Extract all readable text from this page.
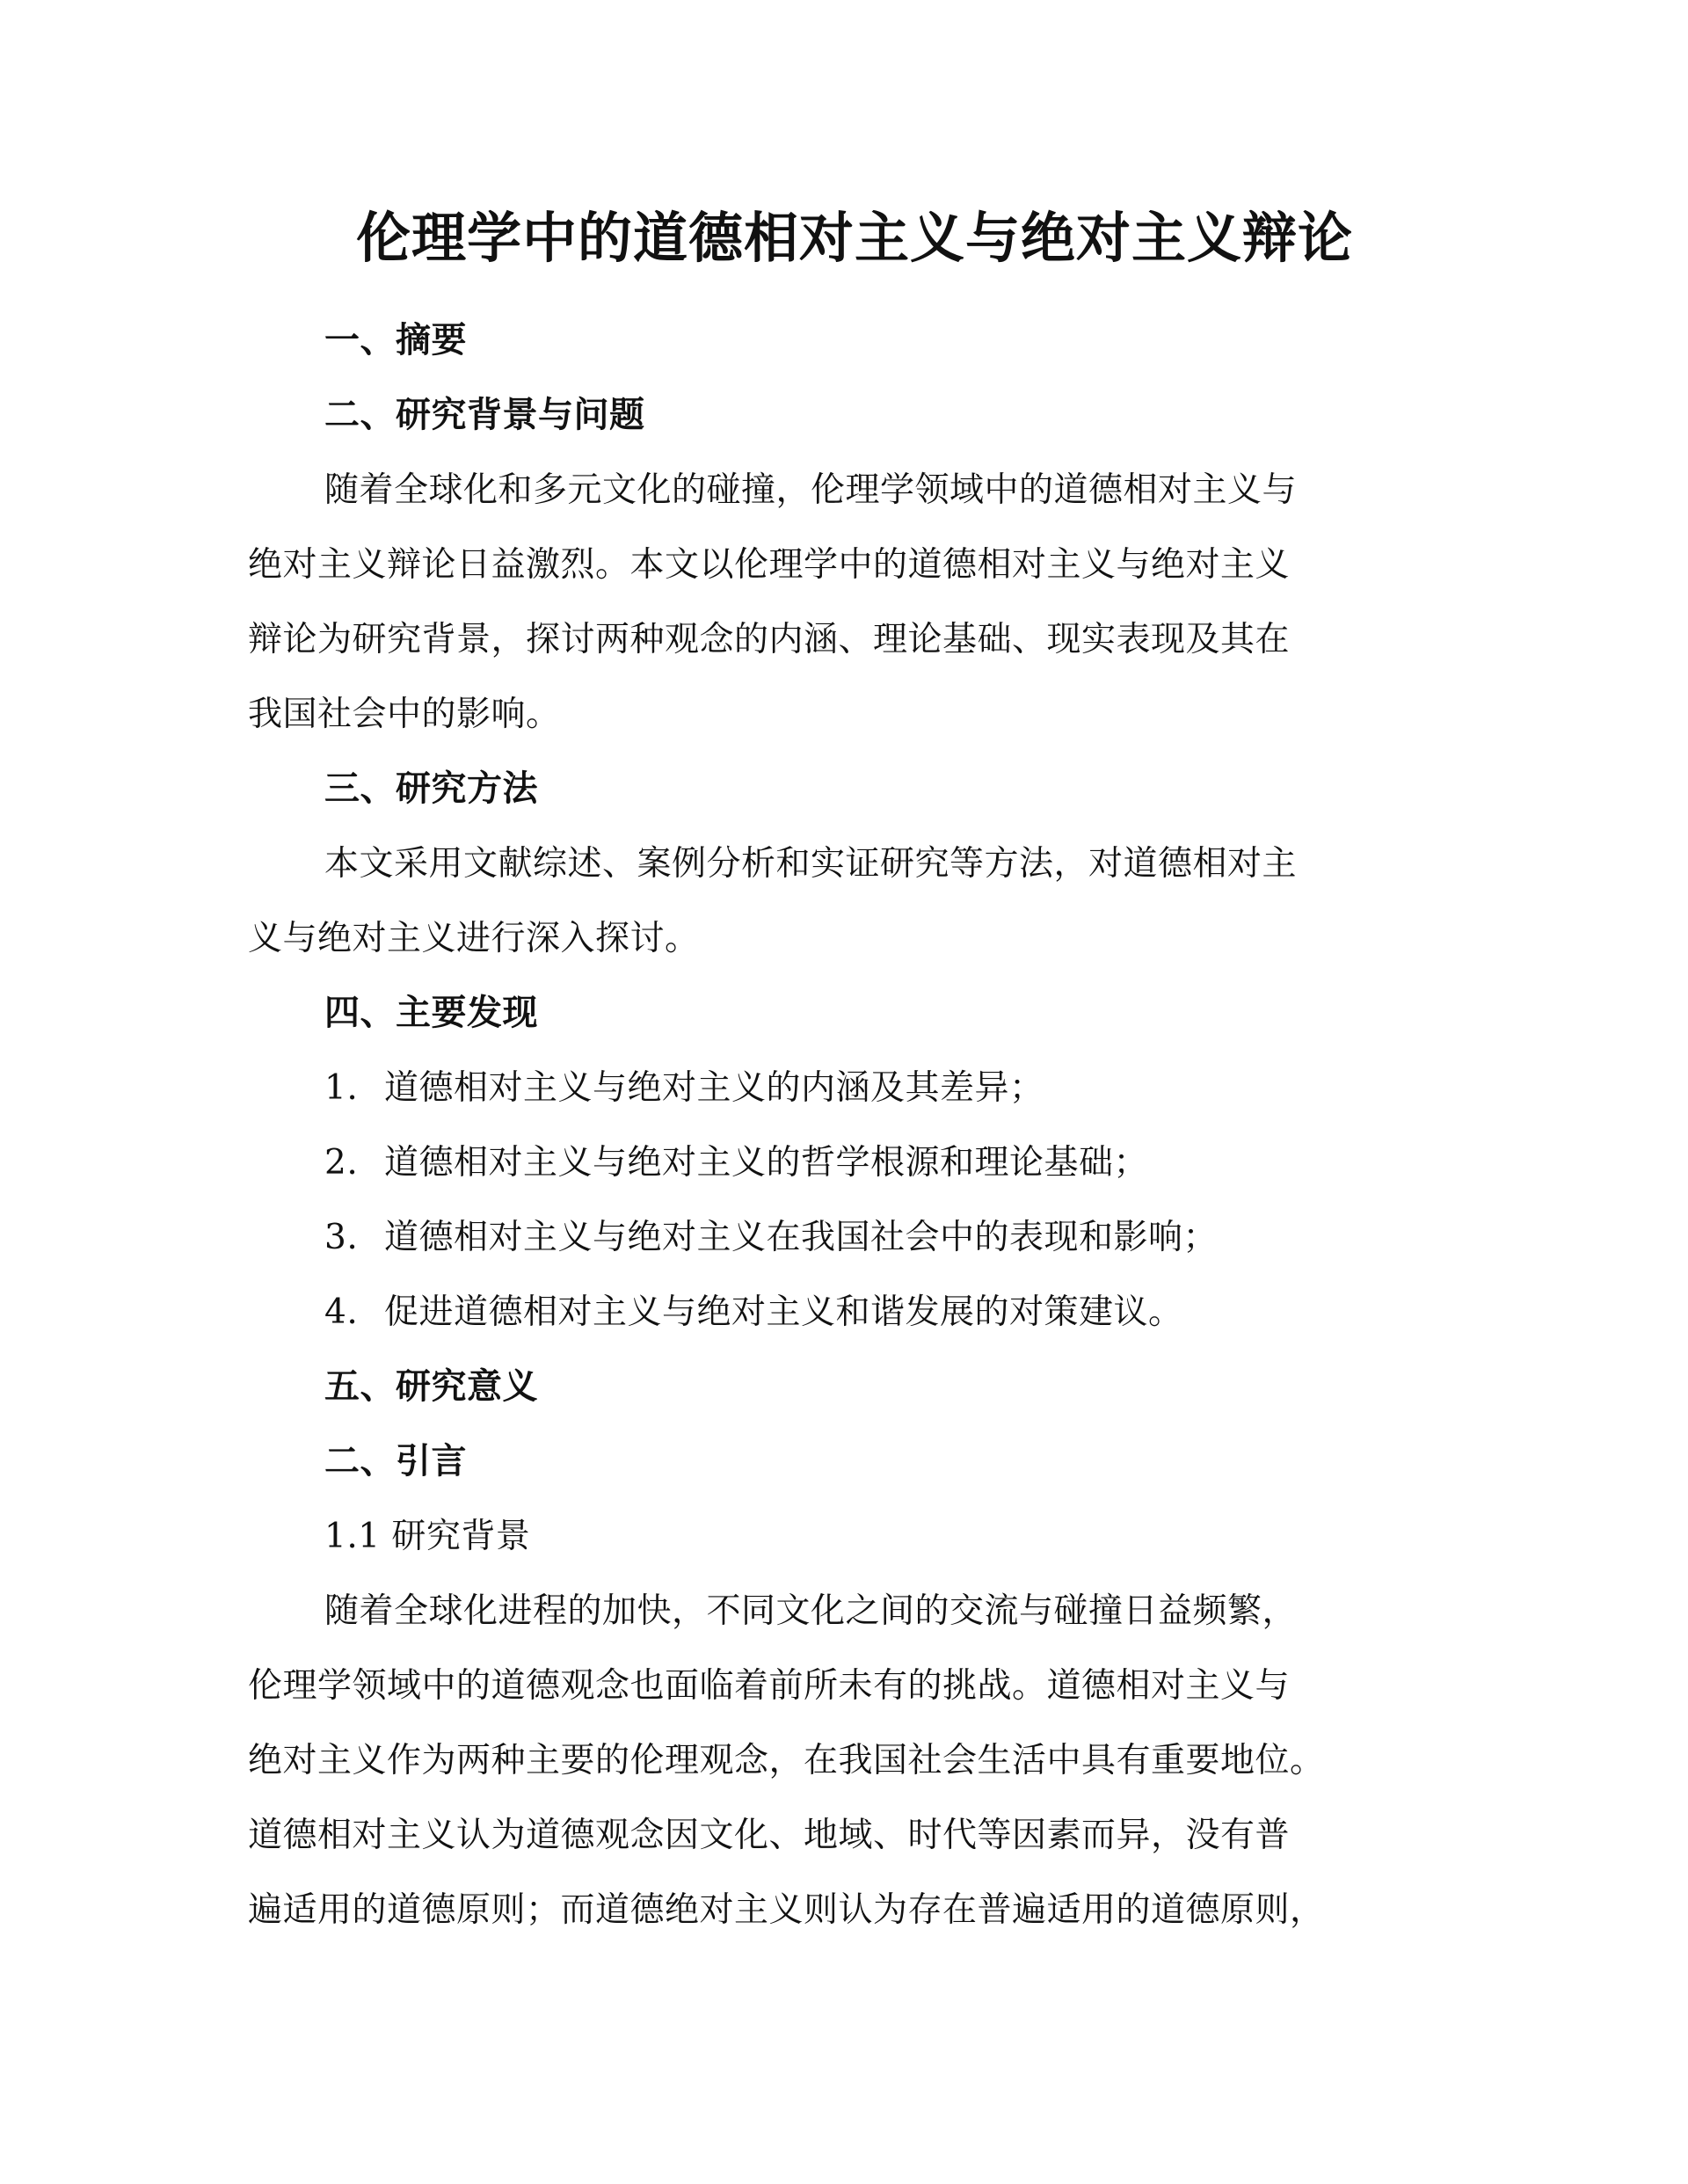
伦理学中的道德相对主义与绝对主义辩论
一、摘要
二、研究背景与问题
随着全球化和多元文化的碰撞，伦理学领域中的道德相对主义与
绝对主义辩论日益激烈。本文以伦理学中的道德相对主义与绝对主义
辩论为研究背景，探讨两种观念的内涵、理论基础、现实表现及其在
我国社会中的影响。
三、研究方法
本文采用文献综述、案例分析和实证研究等方法，对道德相对主
义与绝对主义进行深入探讨。
四、主要发现
1. 道德相对主义与绝对主义的内涵及其差异；
2. 道德相对主义与绝对主义的哲学根源和理论基础；
3. 道德相对主义与绝对主义在我国社会中的表现和影响；
4. 促进道德相对主义与绝对主义和谐发展的对策建议。
五、研究意义
二、引言
1.1 研究背景
随着全球化进程的加快，不同文化之间的交流与碰撞日益频繁，
伦理学领域中的道德观念也面临着前所未有的挑战。道德相对主义与
绝对主义作为两种主要的伦理观念，在我国社会生活中具有重要地位。
道德相对主义认为道德观念因文化、地域、时代等因素而异，没有普
遍适用的道德原则；而道德绝对主义则认为存在普遍适用的道德原则，
